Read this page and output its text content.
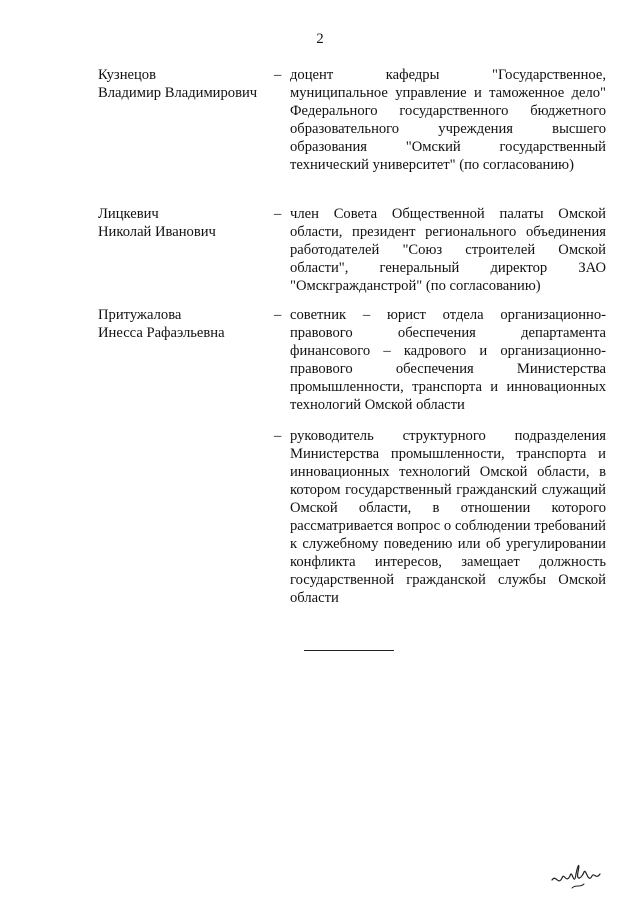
2
Кузнецов
Владимир Владимирович
– доцент кафедры "Государственное, муниципальное управление и таможенное дело" Федерального государственного бюджетного образовательного учреждения высшего образования "Омский государственный технический университет" (по согласованию)
Лицкевич
Николай Иванович
– член Совета Общественной палаты Омской области, президент регионального объединения работодателей "Союз строителей Омской области", генеральный директор ЗАО "Омскгражданстрой" (по согласованию)
Притужалова
Инесса Рафаэльевна
– советник – юрист отдела организационно-правового обеспечения департамента финансового – кадрового и организационно-правового обеспечения Министерства промышленности, транспорта и инновационных технологий Омской области
– руководитель структурного подразделения Министерства промышленности, транспорта и инновационных технологий Омской области, в котором государственный гражданский служащий Омской области, в отношении которого рассматривается вопрос о соблюдении требований к служебному поведению или об урегулировании конфликта интересов, замещает должность государственной гражданской службы Омской области
